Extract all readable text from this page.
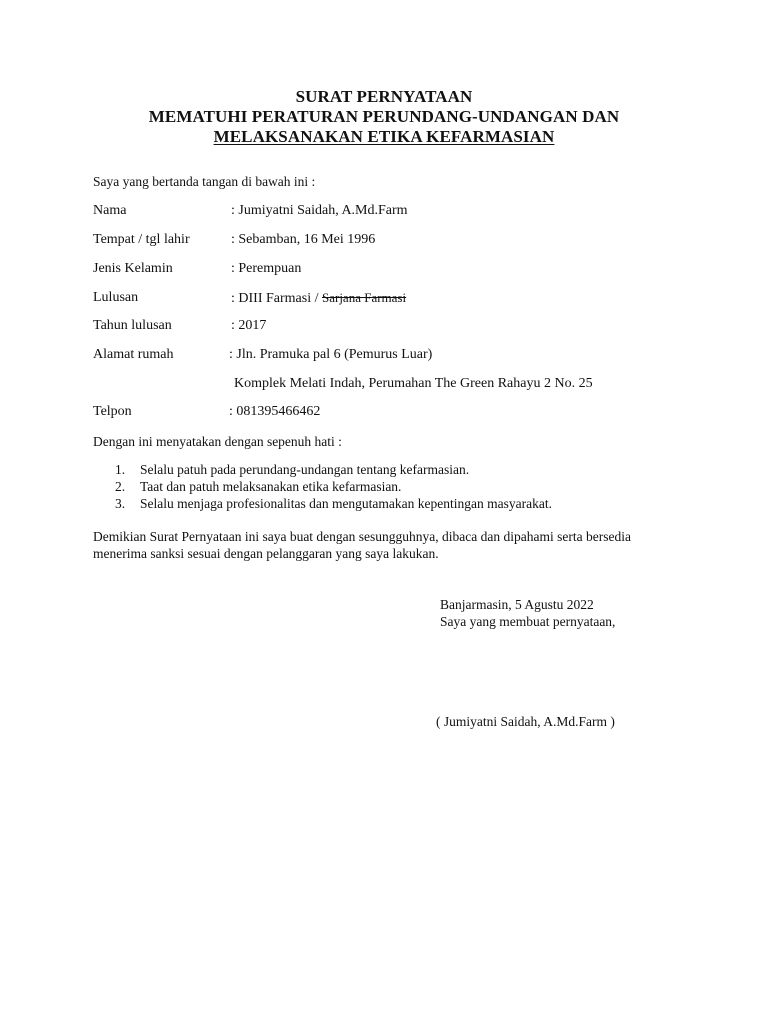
SURAT PERNYATAAN
MEMATUHI PERATURAN PERUNDANG-UNDANGAN DAN
MELAKSANAKAN ETIKA KEFARMASIAN
Saya yang bertanda tangan di bawah ini :
Nama	: Jumiyatni Saidah, A.Md.Farm
Tempat / tgl lahir	: Sebamban, 16 Mei 1996
Jenis Kelamin	: Perempuan
Lulusan	: DIII Farmasi / Sarjana Farmasi
Tahun lulusan	: 2017
Alamat rumah	: Jln. Pramuka pal 6 (Pemurus Luar)
Komplek Melati Indah, Perumahan The Green Rahayu 2 No. 25
Telpon	: 081395466462
Dengan ini menyatakan dengan sepenuh hati :
1. Selalu patuh pada perundang-undangan tentang kefarmasian.
2. Taat dan patuh melaksanakan etika kefarmasian.
3. Selalu menjaga profesionalitas dan mengutamakan kepentingan masyarakat.
Demikian Surat Pernyataan ini saya buat dengan sesungguhnya, dibaca dan dipahami serta bersedia menerima sanksi sesuai dengan pelanggaran yang saya lakukan.
Banjarmasin, 5 Agustu 2022
Saya yang membuat pernyataan,
( Jumiyatni Saidah, A.Md.Farm )
